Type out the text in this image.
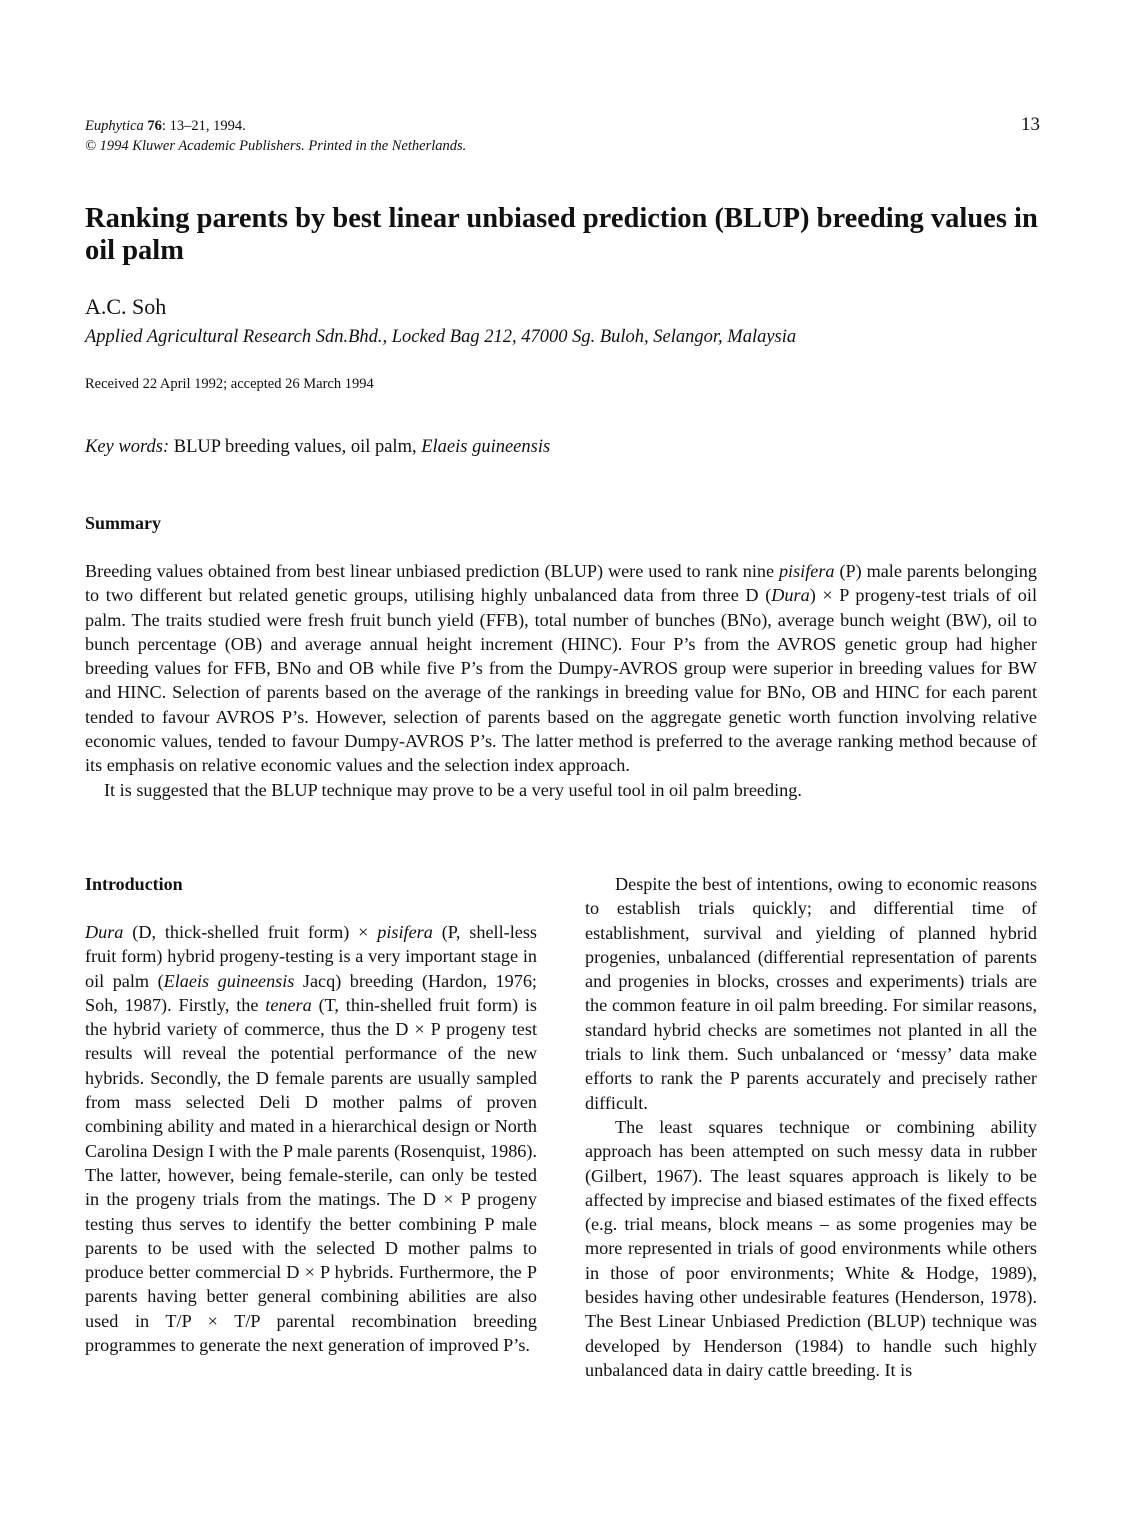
Euphytica 76: 13–21, 1994.
© 1994 Kluwer Academic Publishers. Printed in the Netherlands.
13
Ranking parents by best linear unbiased prediction (BLUP) breeding values in oil palm
A.C. Soh
Applied Agricultural Research Sdn.Bhd., Locked Bag 212, 47000 Sg. Buloh, Selangor, Malaysia
Received 22 April 1992; accepted 26 March 1994
Key words: BLUP breeding values, oil palm, Elaeis guineensis
Summary

Breeding values obtained from best linear unbiased prediction (BLUP) were used to rank nine pisifera (P) male parents belonging to two different but related genetic groups, utilising highly unbalanced data from three D (Dura) × P progeny-test trials of oil palm. The traits studied were fresh fruit bunch yield (FFB), total number of bunches (BNo), average bunch weight (BW), oil to bunch percentage (OB) and average annual height increment (HINC). Four P’s from the AVROS genetic group had higher breeding values for FFB, BNo and OB while five P’s from the Dumpy-AVROS group were superior in breeding values for BW and HINC. Selection of parents based on the average of the rankings in breeding value for BNo, OB and HINC for each parent tended to favour AVROS P’s. However, selection of parents based on the aggregate genetic worth function involving relative economic values, tended to favour Dumpy-AVROS P’s. The latter method is preferred to the average ranking method because of its emphasis on relative economic values and the selection index approach.

It is suggested that the BLUP technique may prove to be a very useful tool in oil palm breeding.

Introduction

Dura (D, thick-shelled fruit form) × pisifera (P, shell-less fruit form) hybrid progeny-testing is a very important stage in oil palm (Elaeis guineensis Jacq) breeding (Hardon, 1976; Soh, 1987). Firstly, the tenera (T, thin-shelled fruit form) is the hybrid variety of commerce, thus the D × P progeny test results will reveal the potential performance of the new hybrids. Secondly, the D female parents are usually sampled from mass selected Deli D mother palms of proven combining ability and mated in a hierarchical design or North Carolina Design I with the P male parents (Rosenquist, 1986). The latter, however, being female-sterile, can only be tested in the progeny trials from the matings. The D × P progeny testing thus serves to identify the better combining P male parents to be used with the selected D mother palms to produce better commercial D × P hybrids. Furthermore, the P parents having better general combining abilities are also used in T/P × T/P parental recombination breeding programmes to generate the next generation of improved P’s.

Despite the best of intentions, owing to economic reasons to establish trials quickly; and differential time of establishment, survival and yielding of planned hybrid progenies, unbalanced (differential representation of parents and progenies in blocks, crosses and experiments) trials are the common feature in oil palm breeding. For similar reasons, standard hybrid checks are sometimes not planted in all the trials to link them. Such unbalanced or ‘messy’ data make efforts to rank the P parents accurately and precisely rather difficult.

The least squares technique or combining ability approach has been attempted on such messy data in rubber (Gilbert, 1967). The least squares approach is likely to be affected by imprecise and biased estimates of the fixed effects (e.g. trial means, block means – as some progenies may be more represented in trials of good environments while others in those of poor environments; White & Hodge, 1989), besides having other undesirable features (Henderson, 1978). The Best Linear Unbiased Prediction (BLUP) technique was developed by Henderson (1984) to handle such highly unbalanced data in dairy cattle breeding. It is
